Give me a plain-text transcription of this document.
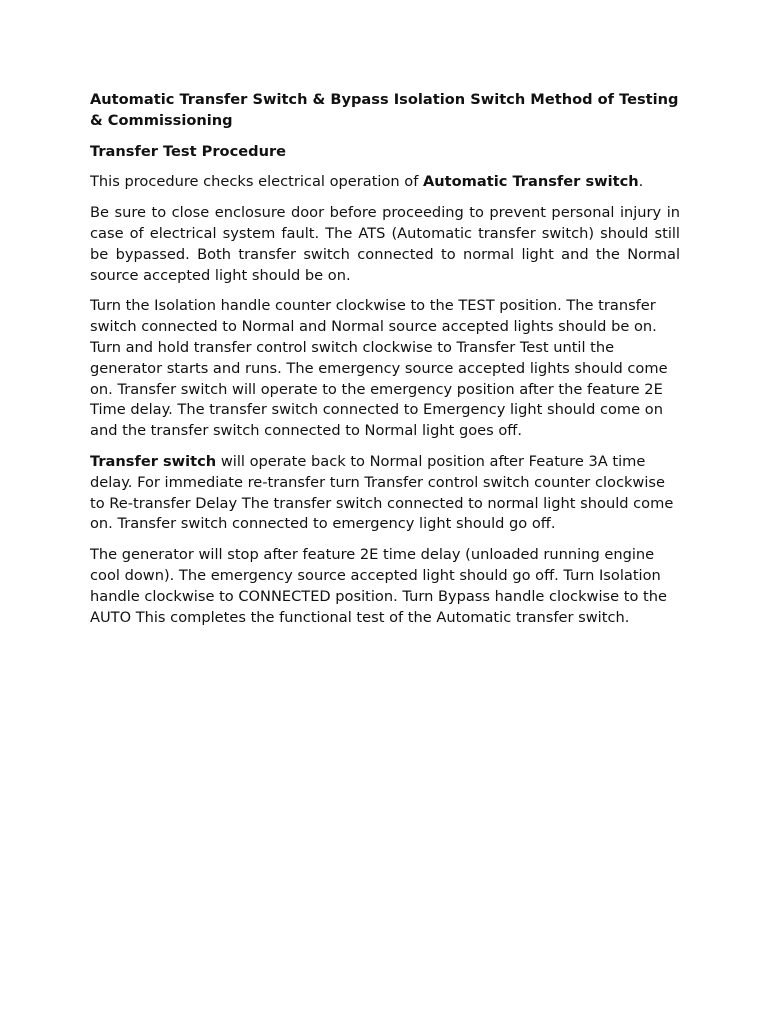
Automatic Transfer Switch & Bypass Isolation Switch Method of Testing & Commissioning

Transfer Test Procedure

This procedure checks electrical operation of Automatic Transfer switch.

Be sure to close enclosure door before proceeding to prevent personal injury in case of electrical system fault. The ATS (Automatic transfer switch) should still be bypassed. Both transfer switch connected to normal light and the Normal source accepted light should be on.

Turn the Isolation handle counter clockwise to the TEST position. The transfer switch connected to Normal and Normal source accepted lights should be on. Turn and hold transfer control switch clockwise to Transfer Test until the generator starts and runs. The emergency source accepted lights should come on. Transfer switch will operate to the emergency position after the feature 2E Time delay. The transfer switch connected to Emergency light should come on and the transfer switch connected to Normal light goes off.

Transfer switch will operate back to Normal position after Feature 3A time delay. For immediate re-transfer turn Transfer control switch counter clockwise to Re-transfer Delay The transfer switch connected to normal light should come on. Transfer switch connected to emergency light should go off.

The generator will stop after feature 2E time delay (unloaded running engine cool down). The emergency source accepted light should go off. Turn Isolation handle clockwise to CONNECTED position. Turn Bypass handle clockwise to the AUTO This completes the functional test of the Automatic transfer switch.
